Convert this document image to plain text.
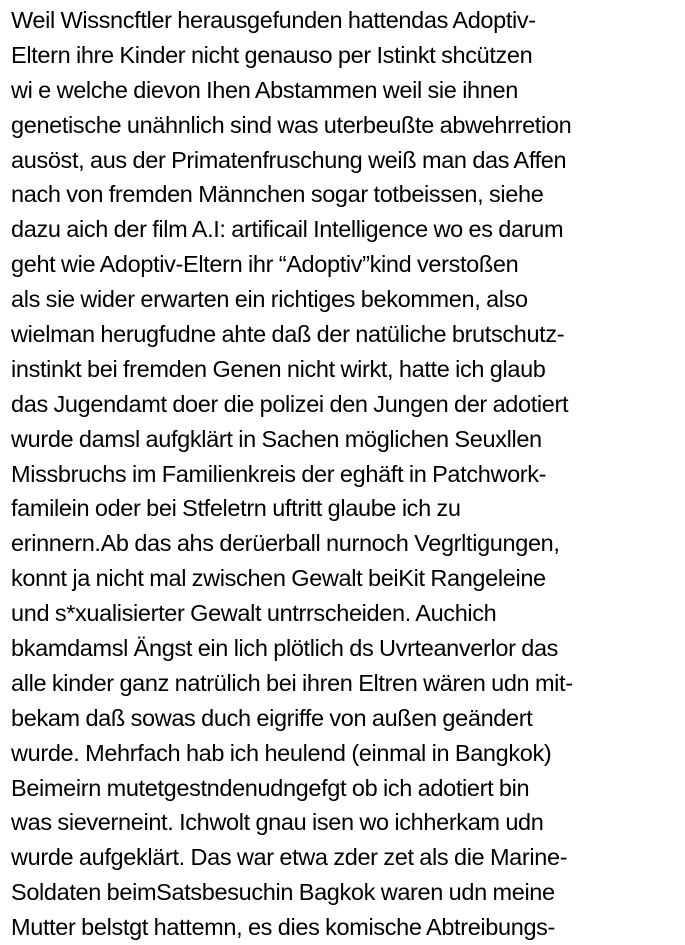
Weil Wissncftler herausgefunden hattendas Adoptiv-
Eltern ihre Kinder nicht genauso per Istinkt shcützen
wi e welche dievon Ihen Abstammen weil sie ihnen
genetische unähnlich sind was uterbeußte abwehrretion
ausöst, aus der Primatenfruschung weiß man das Affen
nach von fremden Männchen sogar totbeissen, siehe
dazu aich der film A.I: artificail Intelligence wo es darum
geht wie Adoptiv-Eltern ihr “Adoptiv”kind verstoßen
als sie wider erwarten ein richtiges bekommen, also
wielman herugfudne ahte daß der natüliche brutschutz-
instinkt bei fremden Genen nicht wirkt, hatte ich glaub
das Jugendamt doer die polizei den Jungen der adotiert
wurde damsl aufgklärt in Sachen möglichen Seuxllen
Missbruchs im Familienkreis der eghäft in Patchwork-
familein oder bei Stfeletrn uftritt glaube ich zu
erinnern.Ab das ahs derüerball nurnoch Vegrltigungen,
konnt ja nicht mal zwischen Gewalt beiKit Rangeleine
und s*xualisierter Gewalt untrrscheiden. Auchich
bkamdamsl Ängst ein lich plötlich ds Uvrteanverlor das
alle kinder ganz natrülich bei ihren Eltren wären udn mit-
bekam daß sowas duch eigriffe von außen geändert
wurde. Mehrfach hab ich heulend (einmal in Bangkok)
Beimeirn mutetgestndenudngefgt ob ich adotiert bin
was sieverneint. Ichwolt gnau isen wo ichherkam udn
wurde aufgeklärt. Das war etwa zder zet als die Marine-
Soldaten beimSatsbesuchin Bagkok waren udn meine
Mutter belstgt hattemn, es dies komische Abtreibungs-
